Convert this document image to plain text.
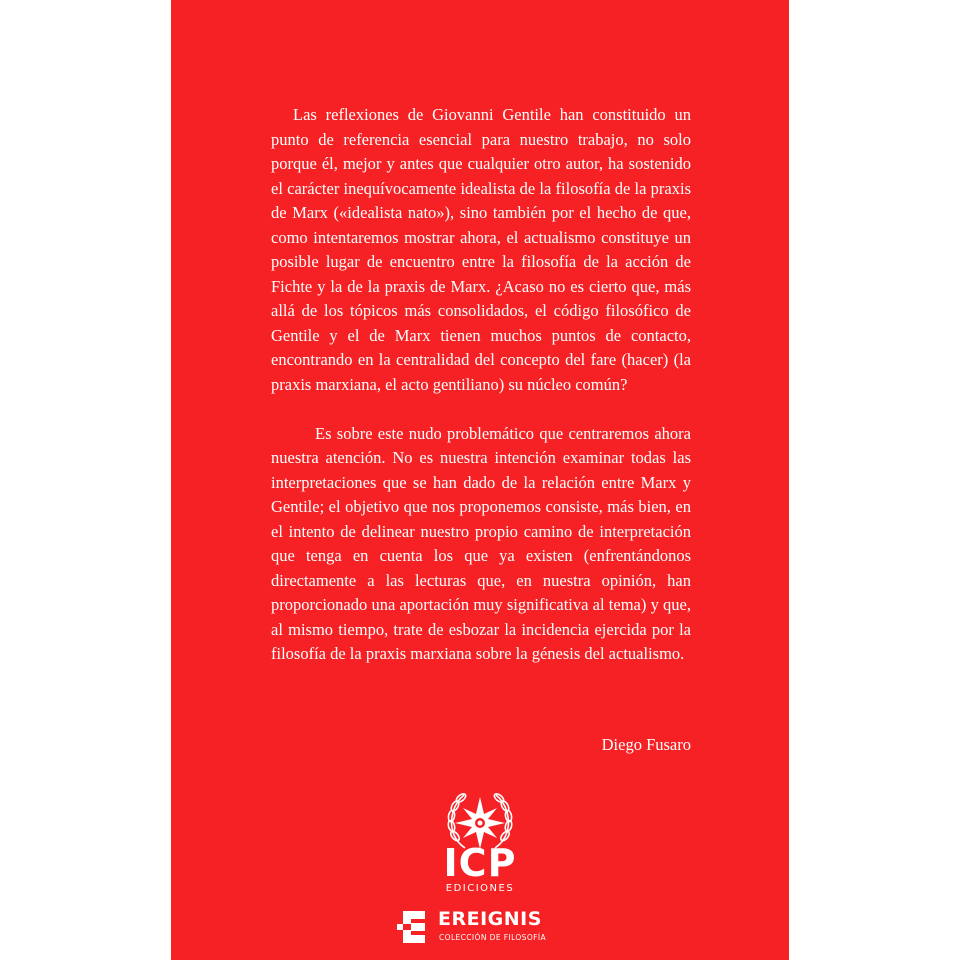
Las reflexiones de Giovanni Gentile han constituido un punto de referencia esencial para nuestro trabajo, no solo porque él, mejor y antes que cualquier otro autor, ha sostenido el carácter inequívocamente idealista de la filosofía de la praxis de Marx («idealista nato»), sino también por el hecho de que, como intentaremos mostrar ahora, el actualismo constituye un posible lugar de encuentro entre la filosofía de la acción de Fichte y la de la praxis de Marx. ¿Acaso no es cierto que, más allá de los tópicos más consolidados, el código filosófico de Gentile y el de Marx tienen muchos puntos de contacto, encontrando en la centralidad del concepto del fare (hacer) (la praxis marxiana, el acto gentiliano) su núcleo común?

Es sobre este nudo problemático que centraremos ahora nuestra atención. No es nuestra intención examinar todas las interpretaciones que se han dado de la relación entre Marx y Gentile; el objetivo que nos proponemos consiste, más bien, en el intento de delinear nuestro propio camino de interpretación que tenga en cuenta los que ya existen (enfrentándonos directamente a las lecturas que, en nuestra opinión, han proporcionado una aportación muy significativa al tema) y que, al mismo tiempo, trate de esbozar la incidencia ejercida por la filosofía de la praxis marxiana sobre la génesis del actualismo.

Diego Fusaro
ICP
EDICIONES
EREIGNIS
COLECCIÓN DE FILOSOFÍA
